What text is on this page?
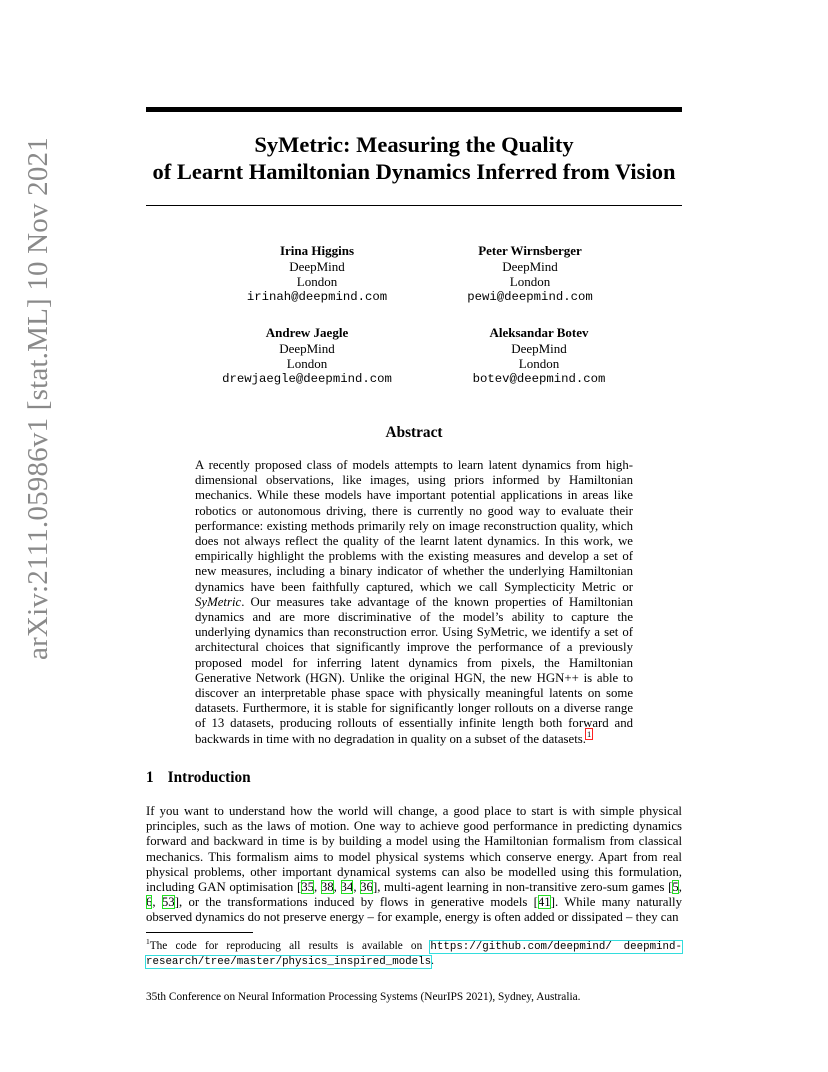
arXiv:2111.05986v1 [stat.ML] 10 Nov 2021	SyMetric: Measuring the Quality
of Learnt Hamiltonian Dynamics Inferred from Vision
Irina Higgins
DeepMind
London
irinah@deepmind.com
Peter Wirnsberger
DeepMind
London
pewi@deepmind.com
Andrew Jaegle
DeepMind
London
drewjaegle@deepmind.com
Aleksandar Botev
DeepMind
London
botev@deepmind.com
Abstract
A recently proposed class of models attempts to learn latent dynamics from high-dimensional observations, like images, using priors informed by Hamiltonian mechanics. While these models have important potential applications in areas like robotics or autonomous driving, there is currently no good way to evaluate their performance: existing methods primarily rely on image reconstruction quality, which does not always reflect the quality of the learnt latent dynamics. In this work, we empirically highlight the problems with the existing measures and develop a set of new measures, including a binary indicator of whether the underlying Hamiltonian dynamics have been faithfully captured, which we call Symplecticity Metric or SyMetric. Our measures take advantage of the known properties of Hamiltonian dynamics and are more discriminative of the model’s ability to capture the underlying dynamics than reconstruction error. Using SyMetric, we identify a set of architectural choices that significantly improve the performance of a previously proposed model for inferring latent dynamics from pixels, the Hamiltonian Generative Network (HGN). Unlike the original HGN, the new HGN++ is able to discover an interpretable phase space with physically meaningful latents on some datasets. Furthermore, it is stable for significantly longer rollouts on a diverse range of 13 datasets, producing rollouts of essentially infinite length both forward and backwards in time with no degradation in quality on a subset of the datasets.$^1$
1 Introduction
If you want to understand how the world will change, a good place to start is with simple physical principles, such as the laws of motion. One way to achieve good performance in predicting dynamics forward and backward in time is by building a model using the Hamiltonian formalism from classical mechanics. This formalism aims to model physical systems which conserve energy. Apart from real physical problems, other important dynamical systems can also be modelled using this formulation, including GAN optimisation [35, 38, 34, 36], multi-agent learning in non-transitive zero-sum games [5, 6, 53], or the transformations induced by flows in generative models [41]. While many naturally observed dynamics do not preserve energy – for example, energy is often added or dissipated – they can
$^1$The code for reproducing all results is available on https://github.com/deepmind/ deepmind-research/tree/master/physics_inspired_models.
35th Conference on Neural Information Processing Systems (NeurIPS 2021), Sydney, Australia.
